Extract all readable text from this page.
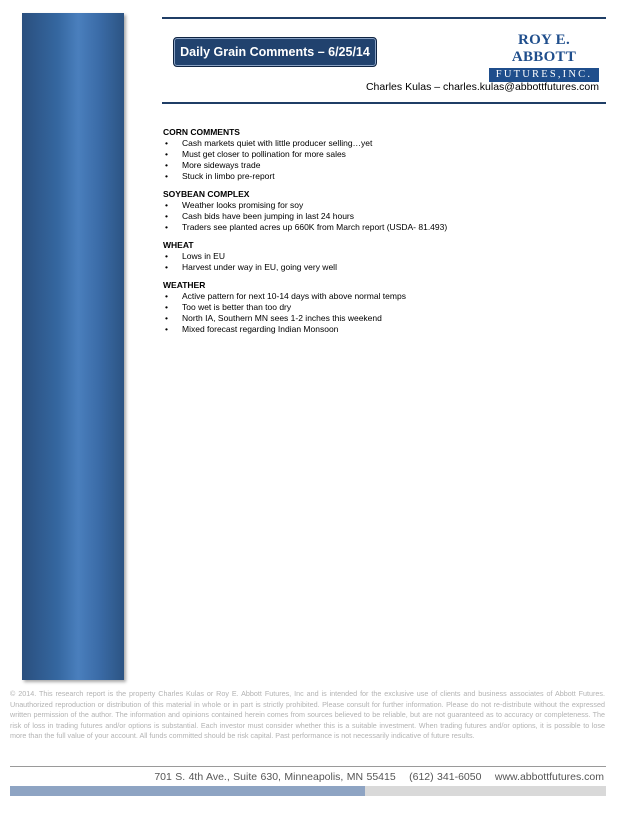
Daily Grain Comments – 6/25/14
ROY E. ABBOTT
FUTURES,INC.
Charles Kulas – charles.kulas@abbottfutures.com
CORN COMMENTS
• Cash markets quiet with little producer selling…yet
• Must get closer to pollination for more sales
• More sideways trade
• Stuck in limbo pre-report
SOYBEAN COMPLEX
• Weather looks promising for soy
• Cash bids have been jumping in last 24 hours
• Traders see planted acres up 660K from March report (USDA- 81.493)
WHEAT
• Lows in EU
• Harvest under way in EU, going very well
WEATHER
• Active pattern for next 10-14 days with above normal temps
• Too wet is better than too dry
• North IA, Southern MN sees 1-2 inches this weekend
• Mixed forecast regarding Indian Monsoon
© 2014. This research report is the property Charles Kulas or Roy E. Abbott Futures, Inc and is intended for the exclusive use of clients and business associates of Abbott Futures. Unauthorized reproduction or distribution of this material in whole or in part is strictly prohibited. Please consult for further information. Please do not re-distribute without the expressed written permission of the author. The information and opinions contained herein comes from sources believed to be reliable, but are not guaranteed as to accuracy or completeness. The risk of loss in trading futures and/or options is substantial. Each investor must consider whether this is a suitable investment. When trading futures and/or options, it is possible to lose more than the full value of your account. All funds committed should be risk capital. Past performance is not necessarily indicative of future results.
701 S. 4th Ave., Suite 630, Minneapolis, MN 55415 (612) 341-6050 www.abbottfutures.com
